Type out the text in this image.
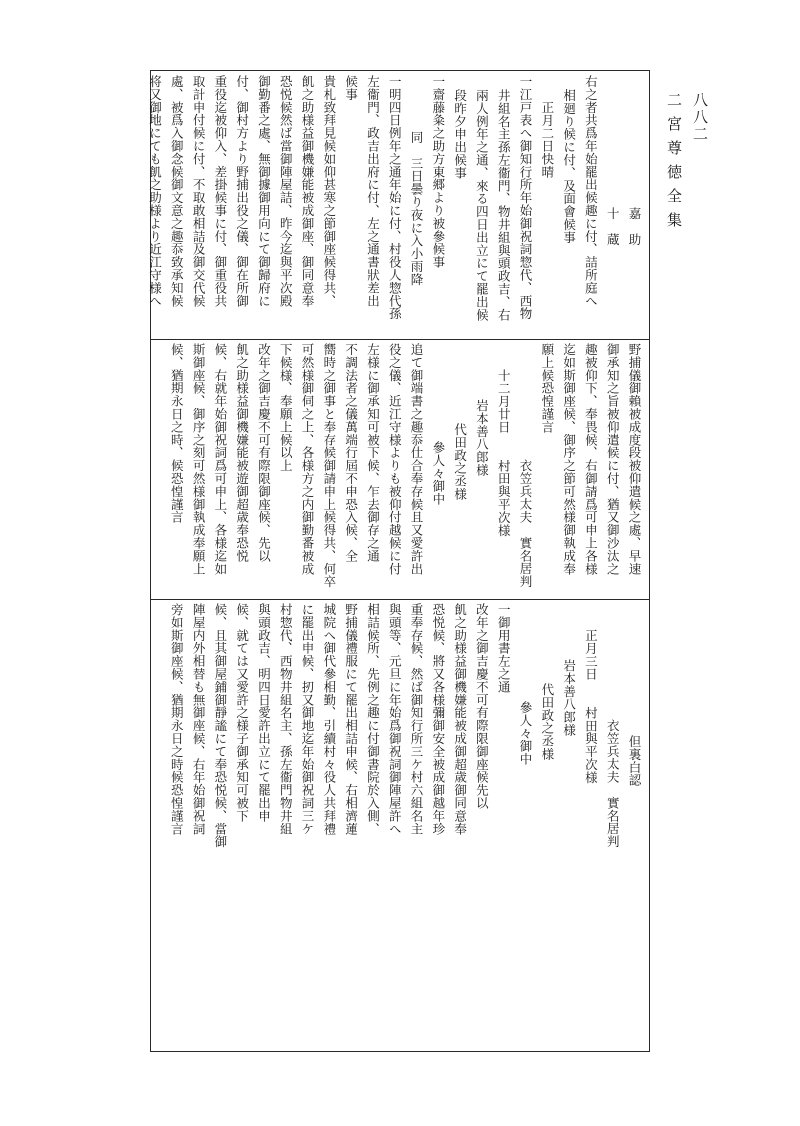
二宮尊徳全集 八八二

嘉　助

十　蔵

右之者共爲年始罷出候趣に付、詰所庭へ

相廻り候に付、及面會候事

正月二日快晴

一江戸表へ御知行所年始御祝詞惣代、西物

井組名主孫左衞門、物井組與頭政吉、右

兩人例年之通、來る四日出立にて罷出候

段昨夕申出候事

一齋藤粂之助方東郷より被參候事

同　三日曇り夜に入小雨降

一明四日例年之通年始に付、村役人惣代孫

左衞門、政吉出府に付、左之通書狀差出

候事

貴札致拜見候如仰甚寒之節御座候得共、

飢之助様益御機嫌能被成御座、御同意奉

恐悦候然ば當御陣屋詰、昨今迄與平次殿

御勤番之處、無御據御用向にて御歸府に

付、御村方より野捕出役之儀、御在所御

重役迄被仰入、差掛候事に付、御重役共

取計申付候に付、不取敢相詰及御交代候

處、被爲入御念候御文意之趣忝致承知候

将又御地にても飢之助様より近江守様へ

野捕儀御賴被成度段被仰遣候之處、早速

御承知之旨被仰遣候に付、猶又御沙汰之

趣被仰下、奉畏候、右御請爲可申上各様

迄如斯御座候、御序之節可然様御執成奉

願上候恐惶謹言

衣笠兵太夫　實名居判

十二月廿日　　村田與平次様

岩本善八郎様

代田政之丞様

參人々御中

追て御端書之趣忝仕合奉存候且又愛許出

役之儀、近江守様よりも被仰付越候に付

左様に御承知可被下候、乍去御存之通

不調法者之儀萬端行屆不申恐入候、全

嚮時之御事と奉存候御請申上候得共、何卒

可然様御伺之上、各様方之内御勤番被成

下候様、奉願上候以上

改年之御吉慶不可有際限御座候、先以

飢之助様益御機嫌能被遊御超歳奉恐悦

候、右就年始御祝詞爲可申上、各様迄如

斯御座候、御序之刻可然様御執成奉願上

候、猶期永日之時、候恐惶謹言

但裏白認

衣笠兵太夫　實名居判

正月三日　　村田與平次様

岩本善八郎様

代田政之丞様

參人々御中

一御用書左之通

改年之御吉慶不可有際限御座候先以

飢之助様益御機嫌能被成御超歳御同意奉

恐悦候、將又各様彌御安全被成御越年珍

重奉存候、然ば御知行所三ケ村六組名主

與頭等、元旦に年始爲御祝詞御陣屋許へ

相詰候所、先例之趣に付御書院於入側、

野捕儀禮服にて罷出相詰申候、右相濟蓮

城院へ御代參相勤、引續村々役人共拜禮

に罷出申候、扨又御地迄年始御祝詞三ケ

村惣代、西物井組名主、孫左衞門物井組

與頭政吉、明四日愛許出立にて罷出申

候、就ては又愛許之様子御承知可被下

候、且其御屋鋪御靜謐にて奉恐悦候、當御

陣屋内外相替も無御座候、右年始御祝詞

旁如斯御座候、猶期永日之時候恐惶謹言
